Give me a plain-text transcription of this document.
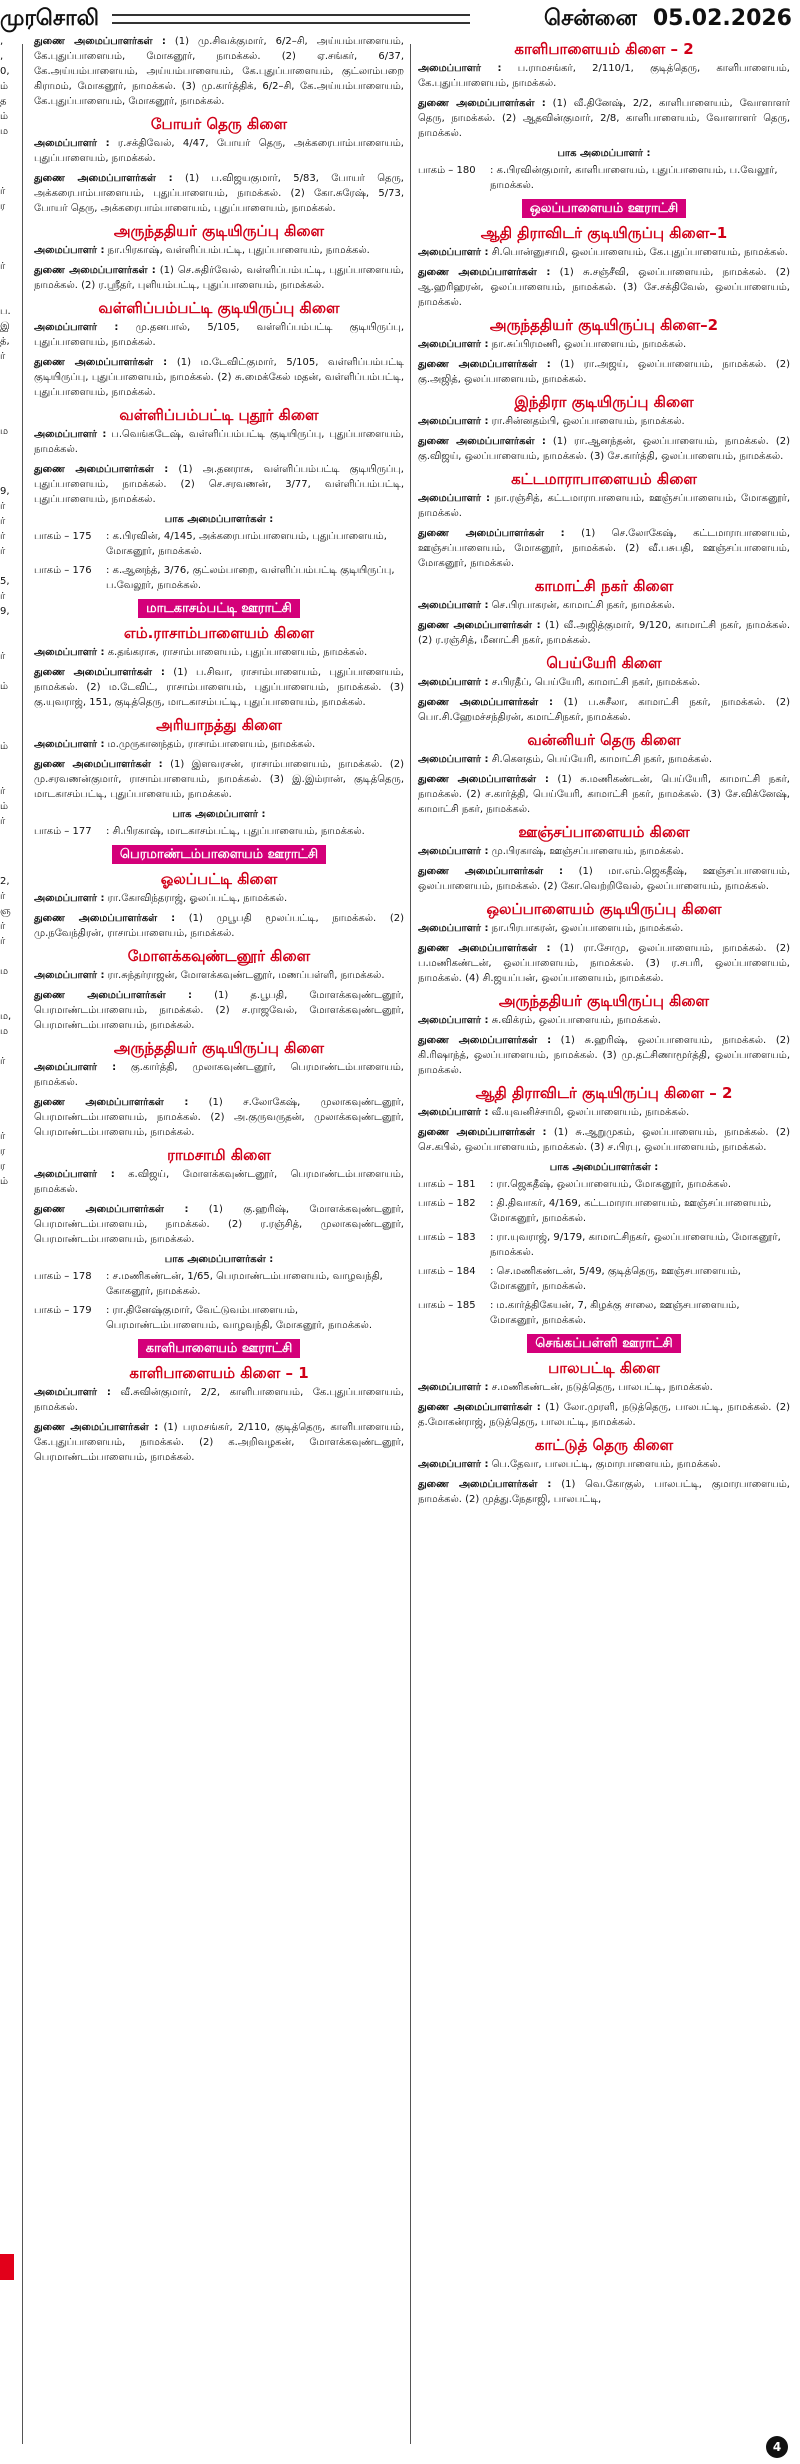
முரசொலி	சென்னை 05.02.2026
,
,
0,
ம்
த
ம்
ம
ர்
ர
ர்
ப.
இ
த்,
ர்
ம
9,
ர்
ர்
ர்
ர்
5,
ர்
9,
ர்
ம்
ம்
ர்
ம்
ர்
2,
ர்
ஞ
ர்
ர்
ம
ம,
ம
ர்
ர்
ர
ர
ம்

துணை அமைப்பாளர்கள் : (1) மு.சிவக்குமார், 6/2–சி, அய்யம்பாளையம், கே.புதுப்பாளையம், மோகனூர், நாமக்கல். (2) ஏ.சங்கர், 6/37, கே.அய்யம்பாளையம், அய்யம்பாளையம், கே.புதுப்பாளையம், குட்லாம்பறை கிராமம், மோகனூர், நாமக்கல். (3) மு.கார்த்திக், 6/2–சி, கே.அய்யம்பாளையம், கே.புதுப்பாளையம், மோகனூர், நாமக்கல்.

போயர் தெரு கிளை

அமைப்பாளர் : ர.சக்திவேல், 4/47, போயர் தெரு, அக்கரைபாம்பாளையம், புதுப்பாளையம், நாமக்கல்.

துணை அமைப்பாளர்கள் : (1) ப.விஜயகுமார், 5/83, போயர் தெரு, அக்கரைபாம்பாளையம், புதுப்பாளையம், நாமக்கல். (2) கோ.சுரேஷ், 5/73, போயர் தெரு, அக்கரைபாம்பாளையம், புதுப்பாளையம், நாமக்கல்.

அருந்ததியர் குடியிருப்பு கிளை

அமைப்பாளர் : நா.பிரகாஷ், வள்ளிப்பம்பட்டி, புதுப்பாளையம், நாமக்கல்.

துணை அமைப்பாளர்கள் : (1) செ.சுதிர்வேல், வள்ளிப்பம்பட்டி, புதுப்பாளையம், நாமக்கல். (2) ர.ஸ்ரீதர், புளியம்பட்டி, புதுப்பாளையம், நாமக்கல்.

வள்ளிப்பம்பட்டி குடியிருப்பு கிளை

அமைப்பாளர் : மு.தனபால், 5/105, வள்ளிப்பம்பட்டி குடியிருப்பு, புதுப்பாளையம், நாமக்கல்.

துணை அமைப்பாளர்கள் : (1) ம.டேவிட்குமார், 5/105, வள்ளிப்பம்பட்டி குடியிருப்பு, புதுப்பாளையம், நாமக்கல். (2) சு.மைக்கேல் மதன், வள்ளிப்பம்பட்டி, புதுப்பாளையம், நாமக்கல்.

வள்ளிப்பம்பட்டி புதூர் கிளை

அமைப்பாளர் : ப.வெங்கடேஷ், வள்ளிப்பம்பட்டி குடியிருப்பு, புதுப்பாளையம், நாமக்கல்.

துணை அமைப்பாளர்கள் : (1) அ.தனராசு, வள்ளிப்பம்பட்டி குடியிருப்பு, புதுப்பாளையம், நாமக்கல். (2) செ.சரவணன், 3/77, வள்ளிப்பம்பட்டி, புதுப்பாளையம், நாமக்கல்.

பாக அமைப்பாளர்கள் :
பாகம் – 175	: க.பிரவின், 4/145, அக்கரைபாம்பாளையம், புதுப்பாளையம், மோகனூர், நாமக்கல்.
பாகம் – 176	: க.ஆனந்த், 3/76, குட்லம்பாறை, வள்ளிப்பம்பட்டி குடியிருப்பு, ப.வேலூர், நாமக்கல்.
மாடகாசம்பட்டி ஊராட்சி
எம்.ராசாம்பாளையம் கிளை

அமைப்பாளர் : க.தங்கராசு, ராசாம்பாளையம், புதுப்பாளையம், நாமக்கல்.

துணை அமைப்பாளர்கள் : (1) ப.சிவா, ராசாம்பாளையம், புதுப்பாளையம், நாமக்கல். (2) ம.டேவிட், ராசாம்பாளையம், புதுப்பாளையம், நாமக்கல். (3) கு.யுவராஜ், 151, குடித்தெரு, மாடகாசம்பட்டி, புதுப்பாளையம், நாமக்கல்.

அரியாநத்து கிளை

அமைப்பாளர் : ம.முருகானந்தம், ராசாம்பாளையம், நாமக்கல்.

துணை அமைப்பாளர்கள் : (1) இளவரசன், ராசாம்பாளையம், நாமக்கல். (2) மு.சரவணன்குமார், ராசாம்பாளையம், நாமக்கல். (3) இ.இம்ரான், குடித்தெரு, மாடகாசம்பட்டி, புதுப்பாளையம், நாமக்கல்.

பாக அமைப்பாளர் :
பாகம் – 177	: சி.பிரகாஷ், மாடகாசம்பட்டி, புதுப்பாளையம், நாமக்கல்.
பெரமாண்டம்பாளையம் ஊராட்சி
ஓலப்பட்டி கிளை

அமைப்பாளர் : ரா.கோவிந்தராஜ், ஓலப்பட்டி, நாமக்கல்.

துணை அமைப்பாளர்கள் : (1) முபூபதி மூலப்பட்டி, நாமக்கல். (2) மு.நவேந்திரன், ராசாம்பாளையம், நாமக்கல்.

மோளக்கவுண்டனூர் கிளை

அமைப்பாளர் : ரா.சுந்தர்ராஜன், மோளக்கவுண்டனூர், மணப்பள்ளி, நாமக்கல்.

துணை அமைப்பாளர்கள் : (1) த.பூபதி, மோளக்கவுண்டனூர், பெரமாண்டம்பாளையம், நாமக்கல். (2) ச.ராஜவேல், மோளக்கவுண்டனூர், பெரமாண்டம்பாளையம், நாமக்கல்.

அருந்ததியர் குடியிருப்பு கிளை

அமைப்பாளர் : கு.கார்த்தி, முலாகவுண்டனூர், பெரமாண்டம்பாளையம், நாமக்கல்.

துணை அமைப்பாளர்கள் : (1) ச.லோகேஷ், முலாகவுண்டனூர், பெரமாண்டம்பாளையம், நாமக்கல். (2) அ.குருவருதன், முலாக்கவுண்டனூர், பெரமாண்டம்பாளையம், நாமக்கல்.

ராமசாமி கிளை

அமைப்பாளர் : க.விஜய், மோளக்கவுண்டனூர், பெரமாண்டம்பாளையம், நாமக்கல்.

துணை அமைப்பாளர்கள் : (1) கு.ஹரிஷ், மோளக்கவுண்டனூர், பெரமாண்டம்பாளையம், நாமக்கல். (2) ர.ரஞ்சித், முலாகவுண்டனூர், பெரமாண்டம்பாளையம், நாமக்கல்.

பாக அமைப்பாளர்கள் :
பாகம் – 178	: ச.மணிகண்டன், 1/65, பெரமாண்டம்பாளையம், வாழவந்தி, கோகனூர், நாமக்கல்.
பாகம் – 179	: ரா.தினேஷ்குமார், வேட்டுவம்பாளையம், பெரமாண்டம்பாளையம், வாழவந்தி, மோகனூர், நாமக்கல்.
காளிபாளையம் ஊராட்சி
காளிபாளையம் கிளை – 1

அமைப்பாளர் : வீ.சுவின்குமார், 2/2, காளிபாளையம், கே.புதுப்பாளையம், நாமக்கல்.

துணை அமைப்பாளர்கள் : (1) பரமசங்கர், 2/110, குடித்தெரு, காளிபாளையம், கே.புதுப்பாளையம், நாமக்கல். (2) க.அறிவழகன், மோளக்கவுண்டனூர், பெரமாண்டம்பாளையம், நாமக்கல்.

காளிபாளையம் கிளை – 2

அமைப்பாளர் : ப.ராமசங்கர், 2/110/1, குடித்தெரு, காளிபாளையம், கே.புதுப்பாளையம், நாமக்கல்.

துணை அமைப்பாளர்கள் : (1) வீ.தினேஷ், 2/2, காளிபாளையம், வோளாளர் தெரு, நாமக்கல். (2) ஆதவின்குமார், 2/8, காளிபாளையம், வோளாளர் தெரு, நாமக்கல்.

பாக அமைப்பாளர் :
பாகம் – 180	: க.பிரவின்குமார், காளிபாளையம், புதுப்பாளையம், ப.வேலூர், நாமக்கல்.
ஒலப்பாளையம் ஊராட்சி
ஆதி திராவிடர் குடியிருப்பு கிளை–1

அமைப்பாளர் : சி.பொன்னுசாமி, ஒலப்பாளையம், கே.புதுப்பாளையம், நாமக்கல்.

துணை அமைப்பாளர்கள் : (1) சு.சஞ்சீவி, ஒலப்பாளையம், நாமக்கல். (2) ஆ.ஹரிஹரன், ஒலப்பாளையம், நாமக்கல். (3) சே.சக்திவேல், ஒலப்பாளையம், நாமக்கல்.

அருந்ததியர் குடியிருப்பு கிளை–2

அமைப்பாளர் : நா.சுப்பிரமணி, ஒலப்பாளையம், நாமக்கல்.

துணை அமைப்பாளர்கள் : (1) ரா.அஜய், ஒலப்பாளையம், நாமக்கல். (2) கு.அஜித், ஒலப்பாளையம், நாமக்கல்.

இந்திரா குடியிருப்பு கிளை

அமைப்பாளர் : ரா.சின்னதம்பி, ஒலப்பாளையம், நாமக்கல்.

துணை அமைப்பாளர்கள் : (1) ரா.ஆனந்தன், ஒலப்பாளையம், நாமக்கல். (2) கு.விஜய், ஒலப்பாளையம், நாமக்கல். (3) சே.கார்த்தி, ஒலப்பாளையம், நாமக்கல்.

கட்டமாராபாளையம் கிளை

அமைப்பாளர் : நா.ரஞ்சித், கட்டமாராபாளையம், ஊஞ்சப்பாளையம், மோகனூர், நாமக்கல்.

துணை அமைப்பாளர்கள் : (1) செ.லோகேஷ், கட்டமாராபாளையம், ஊஞ்சப்பாளையம், மோகனூர், நாமக்கல். (2) வீ.பசுபதி, ஊஞ்சப்பாளையம், மோகனூர், நாமக்கல்.

காமாட்சி நகர் கிளை

அமைப்பாளர் : செ.பிரபாகரன், காமாட்சி நகர், நாமக்கல்.

துணை அமைப்பாளர்கள் : (1) வீ.அஜித்குமார், 9/120, காமாட்சி நகர், நாமக்கல். (2) ர.ரஞ்சித், மீனாட்சி நகர், நாமக்கல்.

பெய்யேரி கிளை

அமைப்பாளர் : ச.பிரதீப், பெய்யேரி, காமாட்சி நகர், நாமக்கல்.

துணை அமைப்பாளர்கள் : (1) ப.சுசீலா, காமாட்சி நகர், நாமக்கல். (2) பொ.சி.ஹேமச்சந்திரன், கமாட்சிநகர், நாமக்கல்.

வன்னியர் தெரு கிளை

அமைப்பாளர் : சி.கௌதம், பெய்யேரி, காமாட்சி நகர், நாமக்கல்.

துணை அமைப்பாளர்கள் : (1) சு.மணிகண்டன், பெய்யேரி, காமாட்சி நகர், நாமக்கல். (2) ச.கார்த்தி, பெய்யேரி, காமாட்சி நகர், நாமக்கல். (3) சே.விக்னேஷ், காமாட்சி நகர், நாமக்கல்.

ஊஞ்சப்பாளையம் கிளை

அமைப்பாளர் : மு.பிரகாஷ், ஊஞ்சப்பாளையம், நாமக்கல்.

துணை அமைப்பாளர்கள் : (1) மா.எம்.ஜெகதீஷ், ஊஞ்சப்பாளையம், ஒலப்பாளையம், நாமக்கல். (2) கோ.வெற்றிவேல், ஒலப்பாளையம், நாமக்கல்.

ஒலப்பாளையம் குடியிருப்பு கிளை

அமைப்பாளர் : நா.பிரபாகரன், ஒலப்பாளையம், நாமக்கல்.

துணை அமைப்பாளர்கள் : (1) ரா.சோமு, ஒலப்பாளையம், நாமக்கல். (2) ப.மணிகண்டன், ஒலப்பாளையம், நாமக்கல். (3) ர.சபரி, ஒலப்பாளையம், நாமக்கல். (4) சி.ஜயப்பன், ஒலப்பாளையம், நாமக்கல்.

அருந்ததியர் குடியிருப்பு கிளை

அமைப்பாளர் : சு.விக்ரம், ஒலப்பாளையம், நாமக்கல்.

துணை அமைப்பாளர்கள் : (1) சு.ஹரிஷ், ஒலப்பாளையம், நாமக்கல். (2) கி.ரிஷாந்த், ஒலப்பாளையம், நாமக்கல். (3) மு.தட்சிணாமூர்த்தி, ஒலப்பாளையம், நாமக்கல்.

ஆதி திராவிடர் குடியிருப்பு கிளை – 2

அமைப்பாளர் : வீ.யுவனிச்சாமி, ஒலப்பாளையம், நாமக்கல்.

துணை அமைப்பாளர்கள் : (1) சு.ஆறுமுகம், ஒலப்பாளையம், நாமக்கல். (2) செ.கபில், ஒலப்பாளையம், நாமக்கல். (3) ச.பிரபு, ஒலப்பாளையம், நாமக்கல்.

பாக அமைப்பாளர்கள் :
பாகம் – 181	: ரா.ஜெகதீஷ், ஒலப்பாளையம், மோகனூர், நாமக்கல்.
பாகம் – 182	: தி.திவாகர், 4/169, கட்டமாராபாளையம், ஊஞ்சப்பாளையம், மோகனூர், நாமக்கல்.
பாகம் – 183	: ரா.யுவராஜ், 9/179, காமாட்சிநகர், ஒலப்பாளையம், மோகனூர், நாமக்கல்.
பாகம் – 184	: செ.மணிகண்டன், 5/49, குடித்தெரு, ஊஞ்சபாளையம், மோகனூர், நாமக்கல்.
பாகம் – 185	: ம.கார்த்திகேயன், 7, கிழக்கு சாலை, ஊஞ்சபாளையம், மோகனூர், நாமக்கல்.
செங்கப்பள்ளி ஊராட்சி
பாலபட்டி கிளை

அமைப்பாளர் : ச.மணிகண்டன், நடுத்தெரு, பாலபட்டி, நாமக்கல்.

துணை அமைப்பாளர்கள் : (1) லோ.முரளி, நடுத்தெரு, பாலபட்டி, நாமக்கல். (2) த.மோகன்ராஜ், நடுத்தெரு, பாலபட்டி, நாமக்கல்.

காட்டுத் தெரு கிளை

அமைப்பாளர் : பெ.தேவா, பாலபட்டி, குமாரபாளையம், நாமக்கல்.

துணை அமைப்பாளர்கள் : (1) வெ.கோகுல், பாலபட்டி, குமாரபாளையம், நாமக்கல். (2) முத்து.நேதாஜி, பாலபட்டி,

4
